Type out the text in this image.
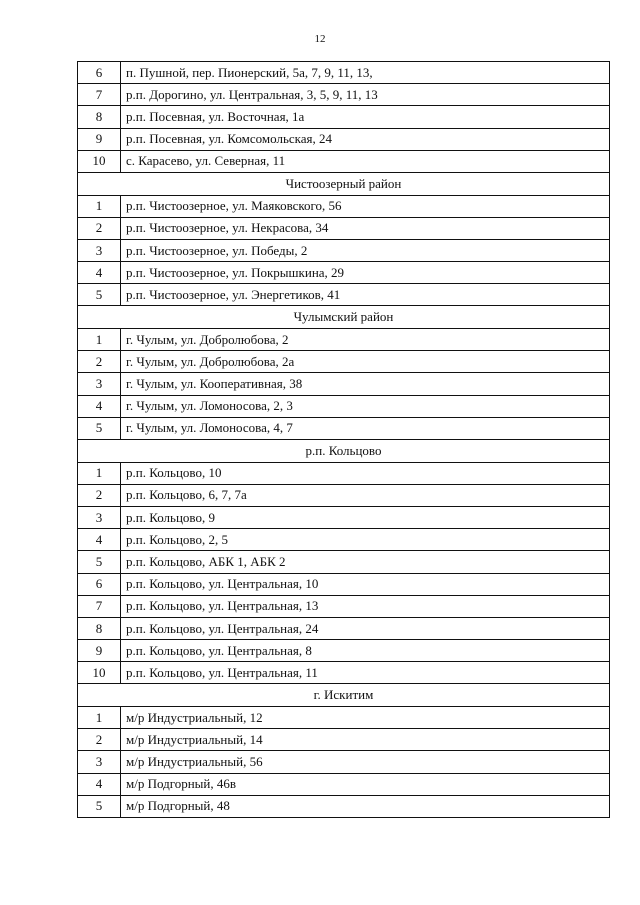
12
6	п. Пушной, пер. Пионерский, 5а, 7, 9, 11, 13,
7	р.п. Дорогино, ул. Центральная, 3, 5, 9, 11, 13
8	р.п. Посевная, ул. Восточная, 1а
9	р.п. Посевная, ул. Комсомольская, 24
10	с. Карасево, ул. Северная, 11
Чистоозерный район	
1	р.п. Чистоозерное, ул. Маяковского, 56
2	р.п. Чистоозерное, ул. Некрасова, 34
3	р.п. Чистоозерное, ул. Победы, 2
4	р.п. Чистоозерное, ул. Покрышкина, 29
5	р.п. Чистоозерное, ул. Энергетиков, 41
Чулымский район	
1	г. Чулым, ул. Добролюбова, 2
2	г. Чулым, ул. Добролюбова, 2а
3	г. Чулым, ул. Кооперативная, 38
4	г. Чулым, ул. Ломоносова, 2, 3
5	г. Чулым, ул. Ломоносова, 4, 7
р.п. Кольцово	
1	р.п. Кольцово, 10
2	р.п. Кольцово, 6, 7, 7а
3	р.п. Кольцово, 9
4	р.п. Кольцово, 2, 5
5	р.п. Кольцово, АБК 1, АБК 2
6	р.п. Кольцово, ул. Центральная, 10
7	р.п. Кольцово, ул. Центральная, 13
8	р.п. Кольцово, ул. Центральная, 24
9	р.п. Кольцово, ул. Центральная, 8
10	р.п. Кольцово, ул. Центральная, 11
г. Искитим	
1	м/р Индустриальный, 12
2	м/р Индустриальный, 14
3	м/р Индустриальный, 56
4	м/р Подгорный, 46в
5	м/р Подгорный, 48
